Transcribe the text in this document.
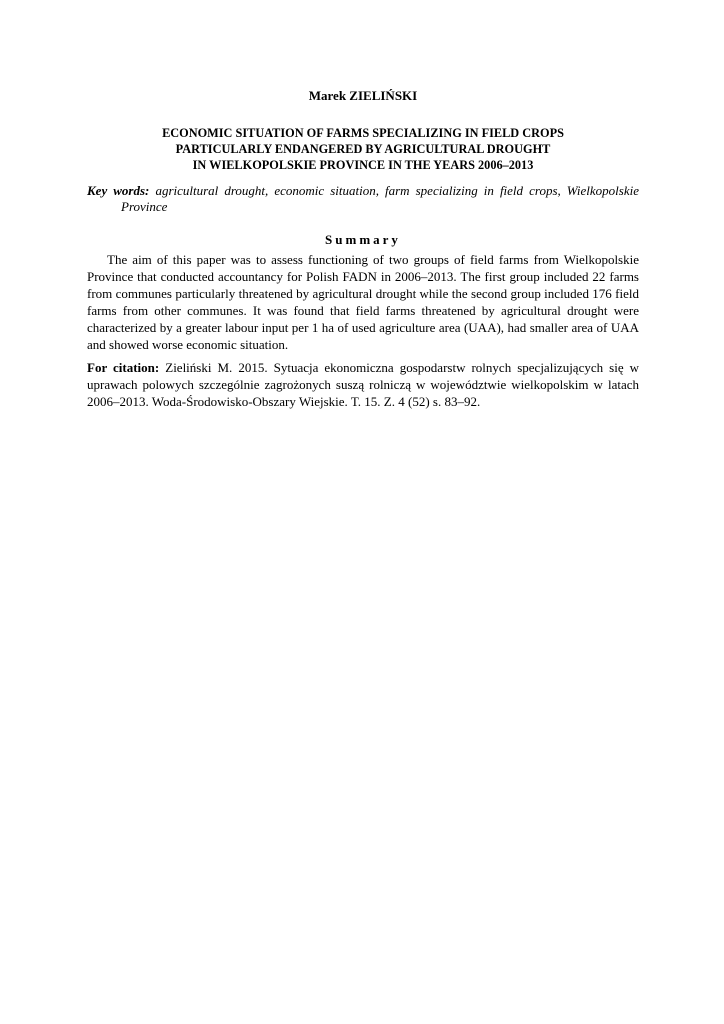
Marek ZIELIŃSKI
ECONOMIC SITUATION OF FARMS SPECIALIZING IN FIELD CROPS
PARTICULARLY ENDANGERED BY AGRICULTURAL DROUGHT
IN WIELKOPOLSKIE PROVINCE IN THE YEARS 2006–2013
Key words: agricultural drought, economic situation, farm specializing in field crops, Wielkopolskie Province
Summary
The aim of this paper was to assess functioning of two groups of field farms from Wielkopolskie Province that conducted accountancy for Polish FADN in 2006–2013. The first group included 22 farms from communes particularly threatened by agricultural drought while the second group included 176 field farms from other communes. It was found that field farms threatened by agricultural drought were characterized by a greater labour input per 1 ha of used agriculture area (UAA), had smaller area of UAA and showed worse economic situation.
For citation: Zieliński M. 2015. Sytuacja ekonomiczna gospodarstw rolnych specjalizujących się w uprawach polowych szczególnie zagrożonych suszą rolniczą w województwie wielkopolskim w latach 2006–2013. Woda-Środowisko-Obszary Wiejskie. T. 15. Z. 4 (52) s. 83–92.
